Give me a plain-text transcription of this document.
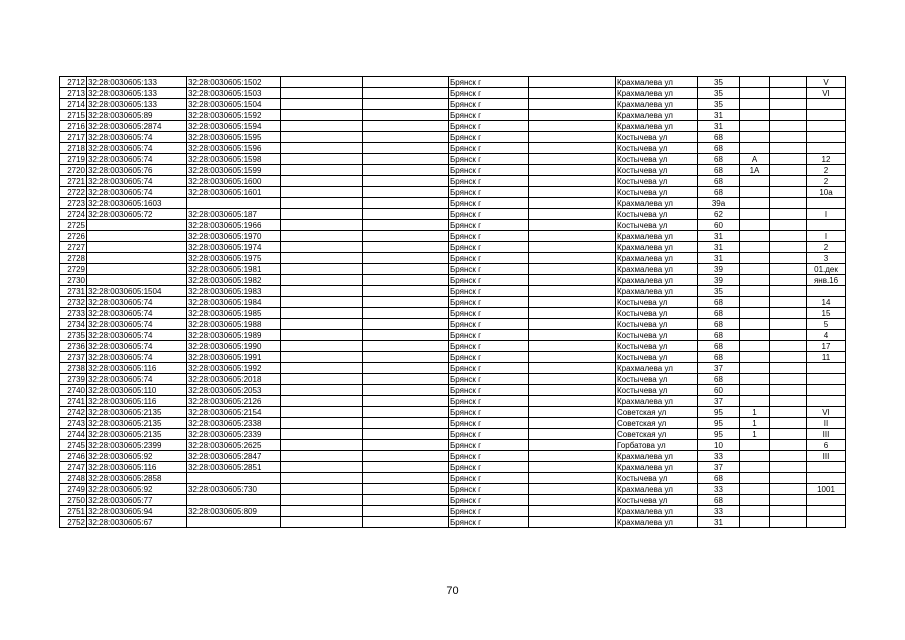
2712	32:28:0030605:133	32:28:0030605:1502			Брянск г		Крахмалева ул	35			V
2713	32:28:0030605:133	32:28:0030605:1503			Брянск г		Крахмалева ул	35			VI
2714	32:28:0030605:133	32:28:0030605:1504			Брянск г		Крахмалева ул	35			
2715	32:28:0030605:89	32:28:0030605:1592			Брянск г		Крахмалева ул	31			
2716	32:28:0030605:2874	32:28:0030605:1594			Брянск г		Крахмалева ул	31			
2717	32:28:0030605:74	32:28:0030605:1595			Брянск г		Костычева ул	68			
2718	32:28:0030605:74	32:28:0030605:1596			Брянск г		Костычева ул	68			
2719	32:28:0030605:74	32:28:0030605:1598			Брянск г		Костычева ул	68	А		12
2720	32:28:0030605:76	32:28:0030605:1599			Брянск г		Костычева ул	68	1А		2
2721	32:28:0030605:74	32:28:0030605:1600			Брянск г		Костычева ул	68			2
2722	32:28:0030605:74	32:28:0030605:1601			Брянск г		Костычева ул	68			10а
2723	32:28:0030605:1603				Брянск г		Крахмалева ул	39а			
2724	32:28:0030605:72	32:28:0030605:187			Брянск г		Костычева ул	62			I
2725		32:28:0030605:1966			Брянск г		Костычева ул	60			
2726		32:28:0030605:1970			Брянск г		Крахмалева ул	31			I
2727		32:28:0030605:1974			Брянск г		Крахмалева ул	31			2
2728		32:28:0030605:1975			Брянск г		Крахмалева ул	31			3
2729		32:28:0030605:1981			Брянск г		Крахмалева ул	39			01.дек
2730		32:28:0030605:1982			Брянск г		Крахмалева ул	39			янв.16
2731	32:28:0030605:1504	32:28:0030605:1983			Брянск г		Крахмалева ул	35			
2732	32:28:0030605:74	32:28:0030605:1984			Брянск г		Костычева ул	68			14
2733	32:28:0030605:74	32:28:0030605:1985			Брянск г		Костычева ул	68			15
2734	32:28:0030605:74	32:28:0030605:1988			Брянск г		Костычева ул	68			5
2735	32:28:0030605:74	32:28:0030605:1989			Брянск г		Костычева ул	68			4
2736	32:28:0030605:74	32:28:0030605:1990			Брянск г		Костычева ул	68			17
2737	32:28:0030605:74	32:28:0030605:1991			Брянск г		Костычева ул	68			11
2738	32:28:0030605:116	32:28:0030605:1992			Брянск г		Крахмалева ул	37			
2739	32:28:0030605:74	32:28:0030605:2018			Брянск г		Костычева ул	68			
2740	32:28:0030605:110	32:28:0030605:2053			Брянск г		Костычева ул	60			
2741	32:28:0030605:116	32:28:0030605:2126			Брянск г		Крахмалева ул	37			
2742	32:28:0030605:2135	32:28:0030605:2154			Брянск г		Советская ул	95	1		VI
2743	32:28:0030605:2135	32:28:0030605:2338			Брянск г		Советская ул	95	1		II
2744	32:28:0030605:2135	32:28:0030605:2339			Брянск г		Советская ул	95	1		III
2745	32:28:0030605:2399	32:28:0030605:2625			Брянск г		Горбатова ул	10			6
2746	32:28:0030605:92	32:28:0030605:2847			Брянск г		Крахмалева ул	33			III
2747	32:28:0030605:116	32:28:0030605:2851			Брянск г		Крахмалева ул	37			
2748	32:28:0030605:2858				Брянск г		Костычева ул	68			
2749	32:28:0030605:92	32:28:0030605:730			Брянск г		Крахмалева ул	33			1001
2750	32:28:0030605:77				Брянск г		Костычева ул	68			
2751	32:28:0030605:94	32:28:0030605:809			Брянск г		Крахмалева ул	33			
2752	32:28:0030605:67				Брянск г		Крахмалева ул	31			
70
